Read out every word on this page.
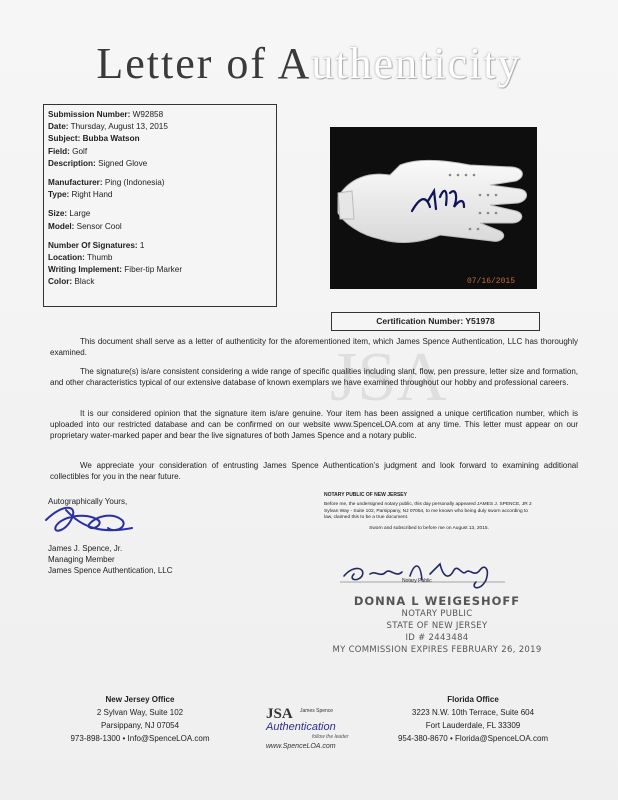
Letter of Authenticity
Submission Number: W92858
Date: Thursday, August 13, 2015
Subject: Bubba Watson
Field: Golf
Description: Signed Glove
Manufacturer: Ping (Indonesia)
Type: Right Hand
Size: Large
Model: Sensor Cool
Number Of Signatures: 1
Location: Thumb
Writing Implement: Fiber-tip Marker
Color: Black	07/16/2015
Certification Number: Y51978
JSA
This document shall serve as a letter of authenticity for the aforementioned item, which James Spence Authentication, LLC has thoroughly examined.
The signature(s) is/are consistent considering a wide range of specific qualities including slant, flow, pen pressure, letter size and formation, and other characteristics typical of our extensive database of known exemplars we have examined throughout our hobby and professional careers.
It is our considered opinion that the signature item is/are genuine. Your item has been assigned a unique certification number, which is uploaded into our restricted database and can be confirmed on our website www.SpenceLOA.com at any time. This letter must appear on our proprietary water-marked paper and bear the live signatures of both James Spence and a notary public.
We appreciate your consideration of entrusting James Spence Authentication’s judgment and look forward to examining additional collectibles for you in the near future.
Autographically Yours,
James J. Spence, Jr.
Managing Member
James Spence Authentication, LLC
NOTARY PUBLIC OF NEW JERSEY
Before me, the undersigned notary public, this day personally appeared JAMES J. SPENCE, JR 2 Sylvan Way - Suite 102, Parsippany, NJ 07054, to me known who being duly sworn according to law, claimed this to be a true document.
Sworn and subscribed to before me on August 13, 2015.
Notary Public
DONNA L WEIGESHOFF
NOTARY PUBLIC
STATE OF NEW JERSEY
ID # 2443484
MY COMMISSION EXPIRES FEBRUARY 26, 2019
New Jersey Office
2 Sylvan Way, Suite 102
Parsippany, NJ 07054
973-898-1300 • Info@SpenceLOA.com
JSA James Spence
Authentication
follow the leader
www.SpenceLOA.com
Florida Office
3223 N.W. 10th Terrace, Suite 604
Fort Lauderdale, FL 33309
954-380-8670 • Florida@SpenceLOA.com
